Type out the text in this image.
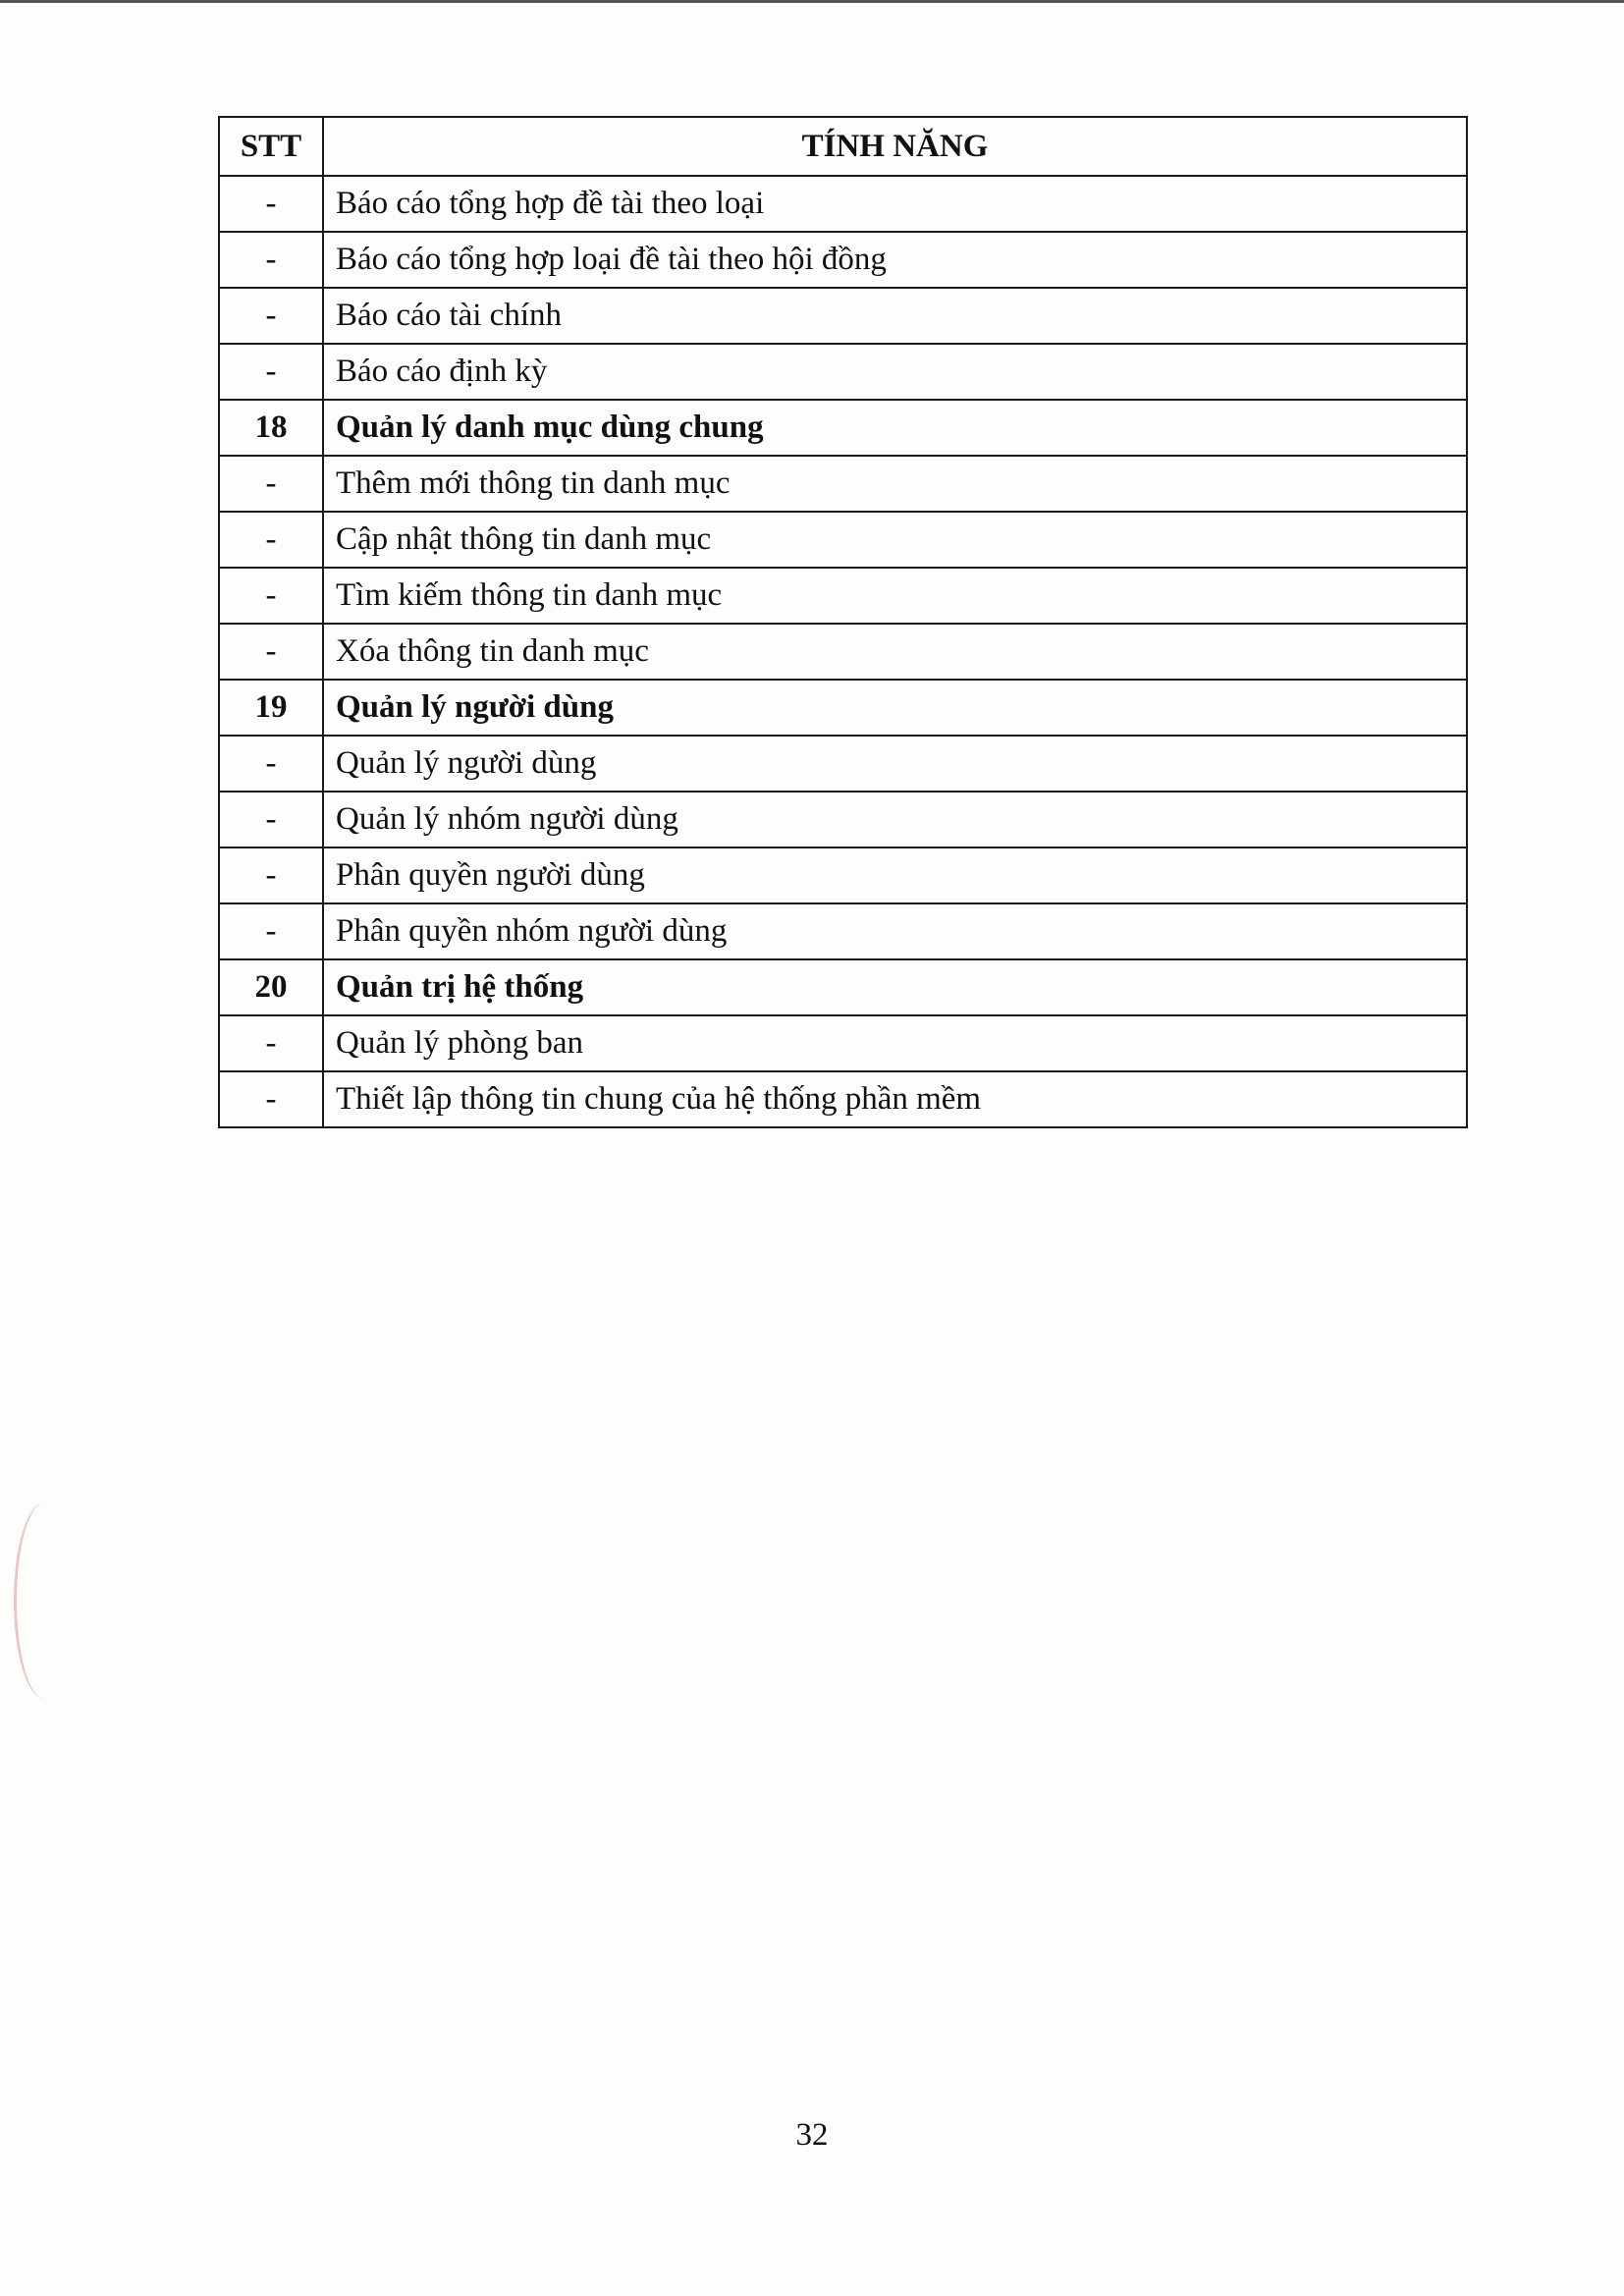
STT	TÍNH NĂNG
-	Báo cáo tổng hợp đề tài theo loại
-	Báo cáo tổng hợp loại đề tài theo hội đồng
-	Báo cáo tài chính
-	Báo cáo định kỳ
18	Quản lý danh mục dùng chung
-	Thêm mới thông tin danh mục
-	Cập nhật thông tin danh mục
-	Tìm kiếm thông tin danh mục
-	Xóa thông tin danh mục
19	Quản lý người dùng
-	Quản lý người dùng
-	Quản lý nhóm người dùng
-	Phân quyền người dùng
-	Phân quyền nhóm người dùng
20	Quản trị hệ thống
-	Quản lý phòng ban
-	Thiết lập thông tin chung của hệ thống phần mềm
32
